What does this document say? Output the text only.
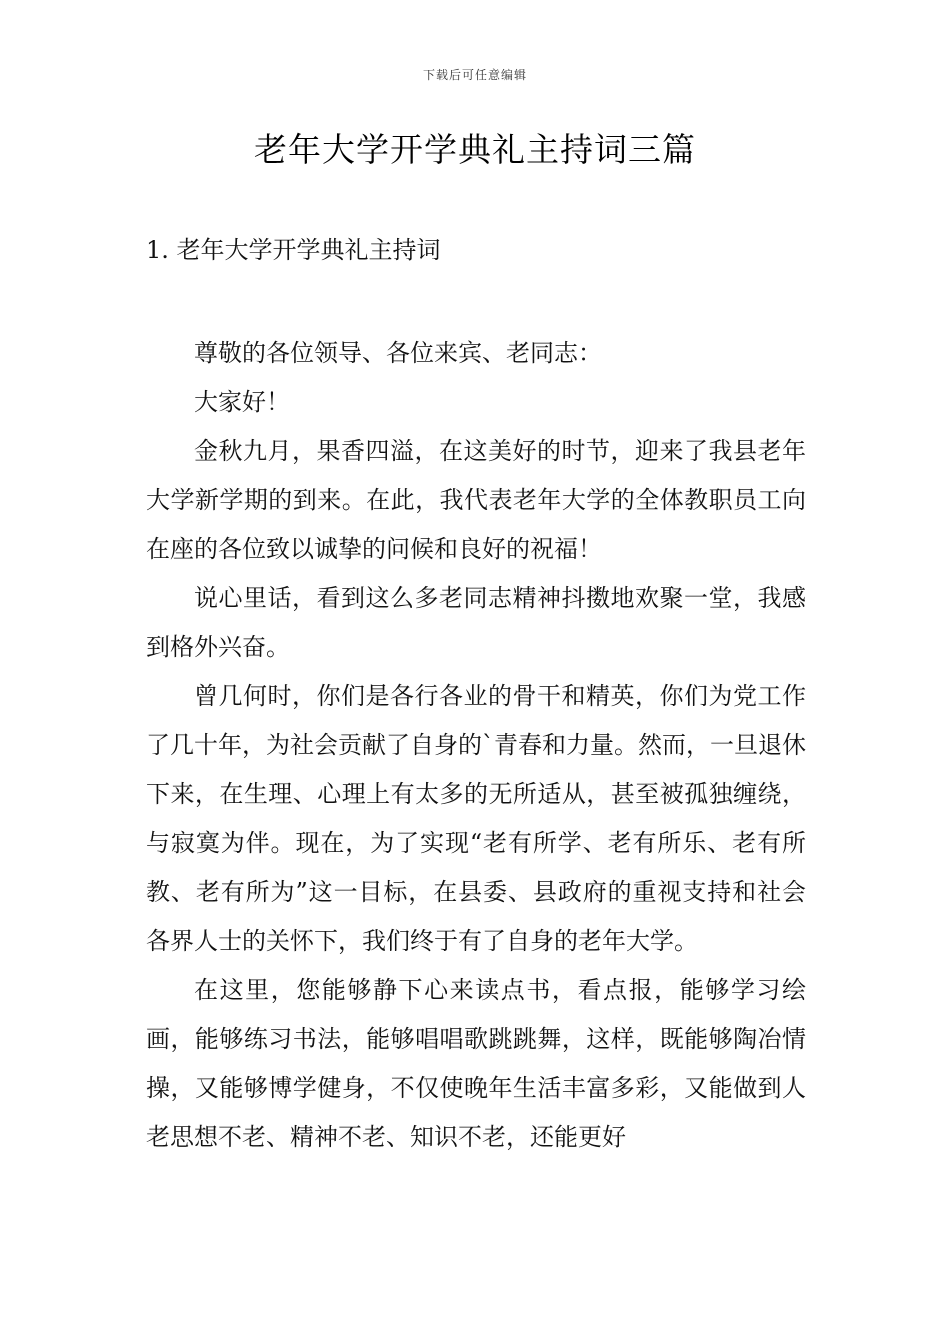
下载后可任意编辑
老年大学开学典礼主持词三篇
1. 老年大学开学典礼主持词

尊敬的各位领导、各位来宾、老同志：

大家好！

金秋九月，果香四溢，在这美好的时节，迎来了我县老年大学新学期的到来。在此，我代表老年大学的全体教职员工向在座的各位致以诚挚的问候和良好的祝福！

说心里话，看到这么多老同志精神抖擞地欢聚一堂，我感到格外兴奋。

曾几何时，你们是各行各业的骨干和精英，你们为党工作了几十年，为社会贡献了自身的`青春和力量。然而，一旦退休下来，在生理、心理上有太多的无所适从，甚至被孤独缠绕，与寂寞为伴。现在，为了实现“老有所学、老有所乐、老有所教、老有所为”这一目标，在县委、县政府的重视支持和社会各界人士的关怀下，我们终于有了自身的老年大学。

在这里，您能够静下心来读点书，看点报，能够学习绘画，能够练习书法，能够唱唱歌跳跳舞，这样，既能够陶冶情操，又能够博学健身，不仅使晚年生活丰富多彩，又能做到人老思想不老、精神不老、知识不老，还能更好
